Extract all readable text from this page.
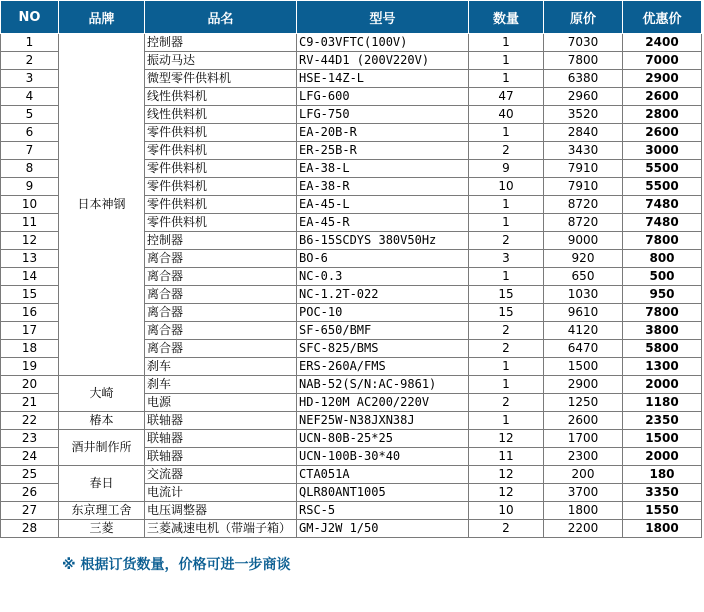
NO	品牌	品名	型号	数量	原价	优惠价
1	日本神钢	控制器	C9-03VFTC(100V)	1	7030	2400
2		振动马达	RV-44D1 (200V220V)	1	7800	7000
3		微型零件供料机	HSE-14Z-L	1	6380	2900
4		线性供料机	LFG-600	47	2960	2600
5		线性供料机	LFG-750	40	3520	2800
6		零件供料机	EA-20B-R	1	2840	2600
7		零件供料机	ER-25B-R	2	3430	3000
8		零件供料机	EA-38-L	9	7910	5500
9		零件供料机	EA-38-R	10	7910	5500
10		零件供料机	EA-45-L	1	8720	7480
11		零件供料机	EA-45-R	1	8720	7480
12		控制器	B6-15SCDYS 380V50Hz	2	9000	7800
13		离合器	BO-6	3	920	800
14		离合器	NC-0.3	1	650	500
15		离合器	NC-1.2T-022	15	1030	950
16		离合器	POC-10	15	9610	7800
17		离合器	SF-650/BMF	2	4120	3800
18		离合器	SFC-825/BMS	2	6470	5800
19		刹车	ERS-260A/FMS	1	1500	1300
20	大崎	刹车	NAB-52(S/N:AC-9861)	1	2900	2000
21		电源	HD-120M AC200/220V	2	1250	1180
22	椿本	联轴器	NEF25W-N38JXN38J	1	2600	2350
23	酒井制作所	联轴器	UCN-80B-25*25	12	1700	1500
24		联轴器	UCN-100B-30*40	11	2300	2000
25	春日	交流器	CTA051A	12	200	180
26		电流计	QLR80ANT1005	12	3700	3350
27	东京理工舍	电压调整器	RSC-5	10	1800	1550
28	三菱	三菱减速电机（带端子箱）	GM-J2W 1/50	2	2200	1800
※ 根据订货数量，价格可进一步商谈
